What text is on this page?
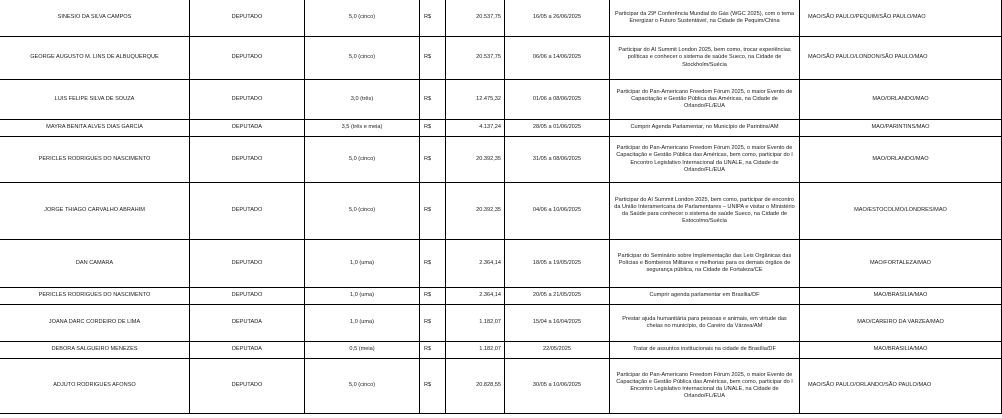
SINESIO DA SILVA CAMPOS	DEPUTADO	5,0 (cinco)	R$	20.537,75	16/05 a 26/06/2025	Participar da 29ª Conferência Mundial do Gás (WGC 2025), com o tema Energizar o Futuro Sustentável, na Cidade de Pequim/China	MAO/SÃO PAULO/PEQUIM/SÃO PAULO/MAO
GEORGE AUGUSTO M. LINS DE ALBUQUERQUE	DEPUTADO	5,0 (cinco)	R$	20.537,75	06/06 a 14/06/2025	Participar do AI Summit London 2025, bem como, trocar experiências políticas e conhecer o sistema de saúde Sueco, na Cidade de Stockholm/Suécia	MAO/SÃO PAULO/LONDON/SÃO PAULO/MAO
LUIS FELIPE SILVA DE SOUZA	DEPUTADO	3,0 (três)	R$	12.475,32	01/06 a 08/06/2025	Participar do Pan-Americano Freedom Fórum 2025, o maior Evento de Capacitação e Gestão Pública das Américas, na Cidade de Orlando/FL/EUA	MAO/ORLANDO/MAO
MAYRA BENITA ALVES DIAS GARCIA	DEPUTADA	3,5 (três e meia)	R$	4.137,24	28/05 a 01/06/2025	Cumprir Agenda Parlamentar, no Município de Parintins/AM	MAO/PARINTINS/MAO
PERICLES RODRIGUES DO NASCIMENTO	DEPUTADO	5,0 (cinco)	R$	20.392,35	31/05 a 08/06/2025	Participar do Pan-Americano Freedom Fórum 2025, o maior Evento de Capacitação e Gestão Pública das Américas, bem como, participar do I Encontro Legislativo Internacional da UNALE, na Cidade de Orlando/FL/EUA	MAO/ORLANDO/MAO
JORGE THIAGO CARVALHO ABRAHIM	DEPUTADO	5,0 (cinco)	R$	20.392,35	04/06 a 10/06/2025	Participar do AI Summit London 2025, bem como, participar de encontro da União Interamericana de Parlamentares – UNIPA e visitar o Ministério da Saúde para conhecer o sistema de saúde Sueco, na Cidade de Estocolmo/Suécia	MAO/ESTOCOLMO/LONDRES/MAO
DAN CAMARA	DEPUTADO	1,0 (uma)	R$	2.364,14	18/05 a 19/05/2025	Participar do Seminário sobre Implementação das Leis Orgânicas das Polícias e Bombeiros Militares e melhorias para os demais órgãos de segurança pública, na Cidade de Fortaleza/CE	MAO/FORTALEZA/MAO
PERICLES RODRIGUES DO NASCIMENTO	DEPUTADO	1,0 (uma)	R$	2.364,14	20/05 a 21/05/2025	Cumprir agenda parlamentar em Brasília/DF	MAO/BRASILIA/MAO
JOANA DARC CORDEIRO DE LIMA	DEPUTADA	1,0 (uma)	R$	1.182,07	15/04 a 16/04/2025	Prestar ajuda humanitária para pessoas e animais, em virtude das cheias no município, do Careiro da Várzea/AM	MAO/CAREIRO DA VARZEA/MAO
DEBORA SALGUEIRO MENEZES	DEPUTADA	0,5 (meia)	R$	1.182,07	22/05/2025	Tratar de assuntos institucionais na cidade de Brasília/DF	MAO/BRASILIA/MAO
ADJUTO RODRIGUES AFONSO	DEPUTADO	5,0 (cinco)	R$	20.828,55	30/05 a 10/06/2025	Participar do Pan-Americano Freedom Fórum 2025, o maior Evento de Capacitação e Gestão Pública das Américas, bem como, participar do I Encontro Legislativo Internacional da UNALE, na Cidade de Orlando/FL/EUA	MAO/SÃO PAULO/ORLANDO/SÃO PAULO/MAO
